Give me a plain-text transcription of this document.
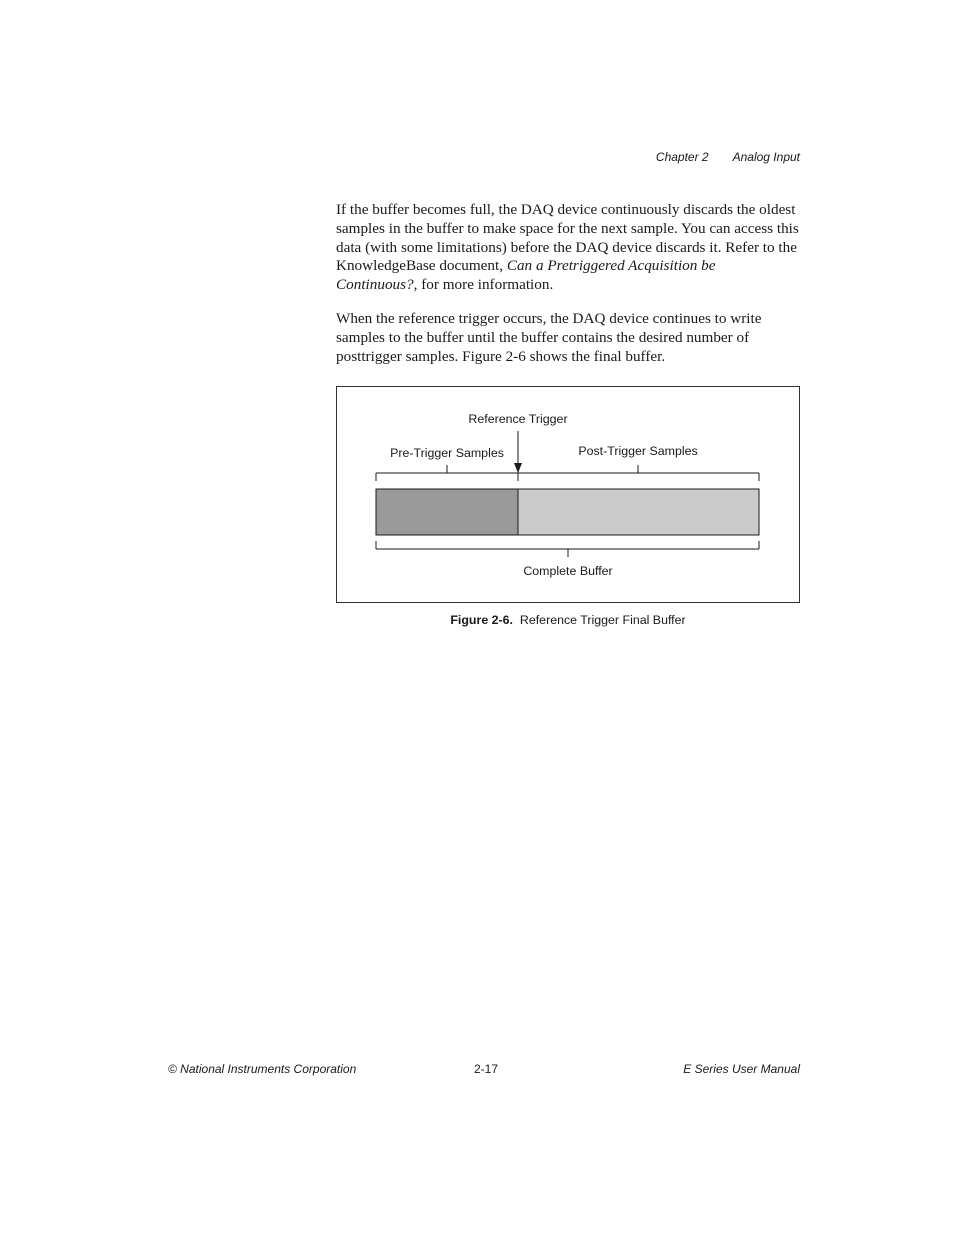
Chapter 2 Analog Input

If the buffer becomes full, the DAQ device continuously discards the oldest samples in the buffer to make space for the next sample. You can access this data (with some limitations) before the DAQ device discards it. Refer to the KnowledgeBase document, Can a Pretriggered Acquisition be Continuous?, for more information.

When the reference trigger occurs, the DAQ device continues to write samples to the buffer until the buffer contains the desired number of posttrigger samples. Figure 2-6 shows the final buffer.

Reference Trigger
Pre-Trigger Samples	Post-Trigger Samples
Complete Buffer
Figure 2-6. Reference Trigger Final Buffer
© National Instruments Corporation	2-17	E Series User Manual
